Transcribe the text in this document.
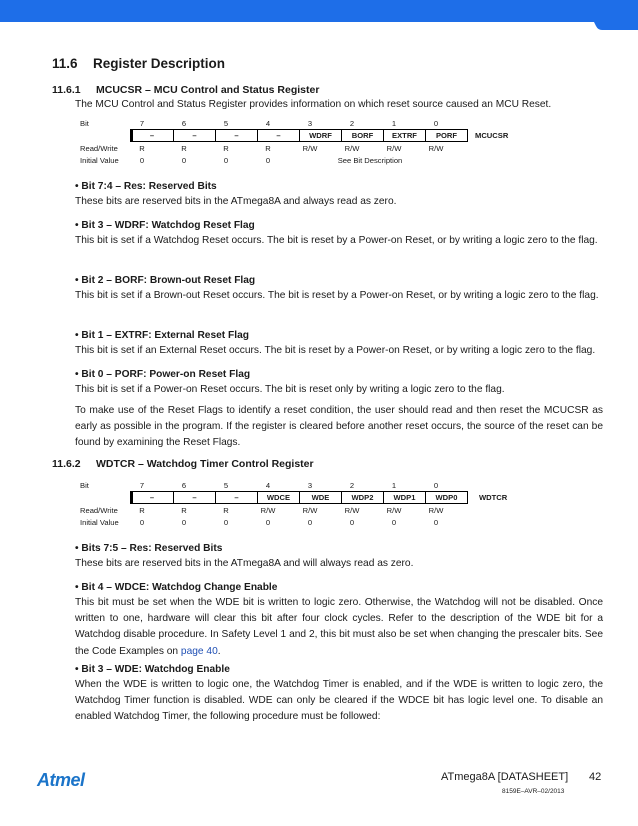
11.6 Register Description
11.6.1 MCUCSR – MCU Control and Status Register
The MCU Control and Status Register provides information on which reset source caused an MCU Reset.
Bit	7	6	5	4	3	2	1	0
–	–	–	–	WDRF	BORF	EXTRF	PORF	MCUCSR
Read/Write	R	R	R	R	R/W	R/W	R/W	R/W
Initial Value	0	0	0	0	See Bit Description
• Bit 7:4 – Res: Reserved Bits
These bits are reserved bits in the ATmega8A and always read as zero.
• Bit 3 – WDRF: Watchdog Reset Flag
This bit is set if a Watchdog Reset occurs. The bit is reset by a Power-on Reset, or by writing a logic zero to the flag.
• Bit 2 – BORF: Brown-out Reset Flag
This bit is set if a Brown-out Reset occurs. The bit is reset by a Power-on Reset, or by writing a logic zero to the flag.
• Bit 1 – EXTRF: External Reset Flag
This bit is set if an External Reset occurs. The bit is reset by a Power-on Reset, or by writing a logic zero to the flag.
• Bit 0 – PORF: Power-on Reset Flag
This bit is set if a Power-on Reset occurs. The bit is reset only by writing a logic zero to the flag.
To make use of the Reset Flags to identify a reset condition, the user should read and then reset the MCUCSR as early as possible in the program. If the register is cleared before another reset occurs, the source of the reset can be found by examining the Reset Flags.
11.6.2 WDTCR – Watchdog Timer Control Register
Bit	7	6	5	4	3	2	1	0
–	–	–	WDCE	WDE	WDP2	WDP1	WDP0	WDTCR
Read/Write	R	R	R	R/W	R/W	R/W	R/W	R/W
Initial Value	0	0	0	0	0	0	0	0
• Bits 7:5 – Res: Reserved Bits
These bits are reserved bits in the ATmega8A and will always read as zero.
• Bit 4 – WDCE: Watchdog Change Enable
This bit must be set when the WDE bit is written to logic zero. Otherwise, the Watchdog will not be disabled. Once written to one, hardware will clear this bit after four clock cycles. Refer to the description of the WDE bit for a Watchdog disable procedure. In Safety Level 1 and 2, this bit must also be set when changing the prescaler bits. See the Code Examples on page 40.
• Bit 3 – WDE: Watchdog Enable
When the WDE is written to logic one, the Watchdog Timer is enabled, and if the WDE is written to logic zero, the Watchdog Timer function is disabled. WDE can only be cleared if the WDCE bit has logic level one. To disable an enabled Watchdog Timer, the following procedure must be followed:
Atmel	ATmega8A [DATASHEET] 42
8159E–AVR–02/2013
